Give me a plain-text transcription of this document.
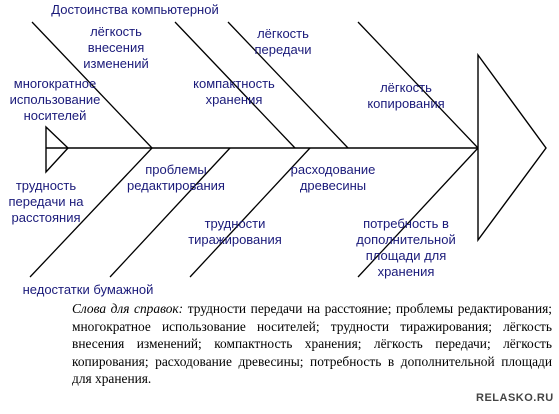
Достоинства компьютерной
недостатки бумажной
лёгкость
внесения
изменений
многократное
использование
носителей
компактность
хранения
лёгкость
передачи
лёгкость
копирования
трудность
передачи на
расстояния
проблемы
редактирования
трудности
тиражирования
расходование
древесины
потребность в
дополнительной
площади для
хранения
Слова для справок: трудности передачи на расстояние; проблемы редактирования; многократное использование носителей; трудности тиражирования; лёгкость внесения изменений; компактность хранения; лёгкость передачи; лёгкость копирования; расходование древесины; потребность в дополнительной площади для хранения.
RELASKO.RU
